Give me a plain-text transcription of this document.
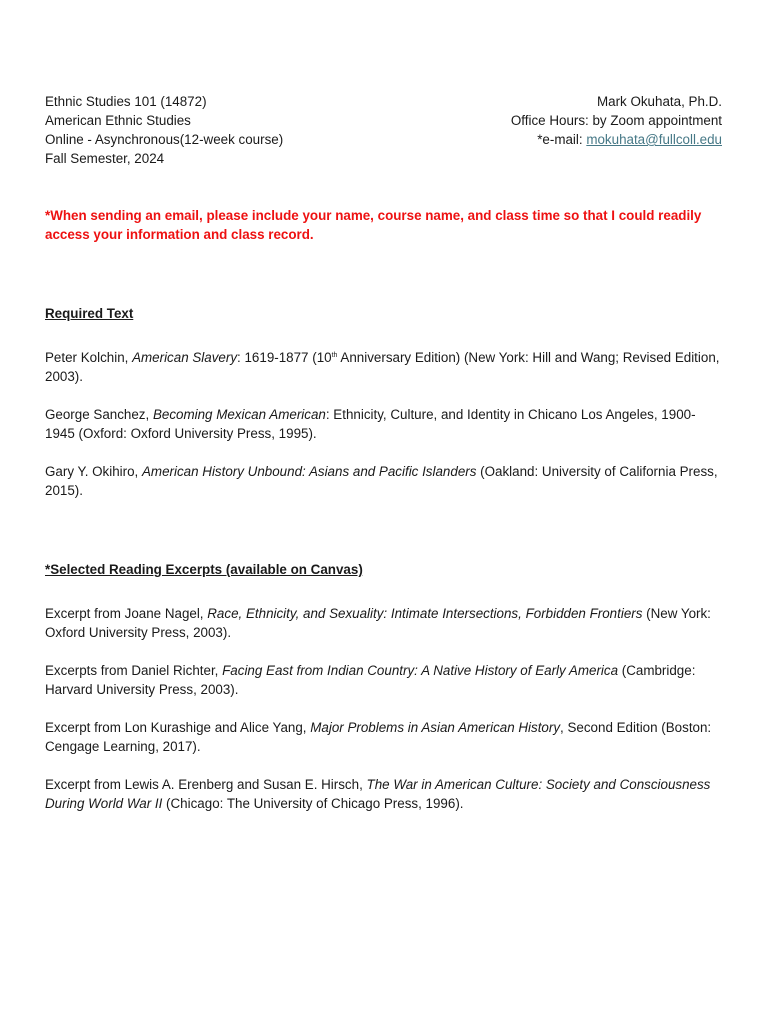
Ethnic Studies 101 (14872)
American Ethnic Studies
Online - Asynchronous(12-week course)
Fall Semester, 2024
Mark Okuhata, Ph.D.
Office Hours: by Zoom appointment
*e-mail: mokuhata@fullcoll.edu
*When sending an email, please include your name, course name, and class time so that I could readily access your information and class record.
Required Text
Peter Kolchin, American Slavery: 1619-1877 (10th Anniversary Edition) (New York: Hill and Wang; Revised Edition, 2003).
George Sanchez, Becoming Mexican American: Ethnicity, Culture, and Identity in Chicano Los Angeles, 1900-1945 (Oxford: Oxford University Press, 1995).
Gary Y. Okihiro, American History Unbound: Asians and Pacific Islanders (Oakland: University of California Press, 2015).
*Selected Reading Excerpts (available on Canvas)
Excerpt from Joane Nagel, Race, Ethnicity, and Sexuality: Intimate Intersections, Forbidden Frontiers (New York: Oxford University Press, 2003).
Excerpts from Daniel Richter, Facing East from Indian Country: A Native History of Early America (Cambridge: Harvard University Press, 2003).
Excerpt from Lon Kurashige and Alice Yang, Major Problems in Asian American History, Second Edition (Boston: Cengage Learning, 2017).
Excerpt from Lewis A. Erenberg and Susan E. Hirsch, The War in American Culture: Society and Consciousness During World War II (Chicago: The University of Chicago Press, 1996).
